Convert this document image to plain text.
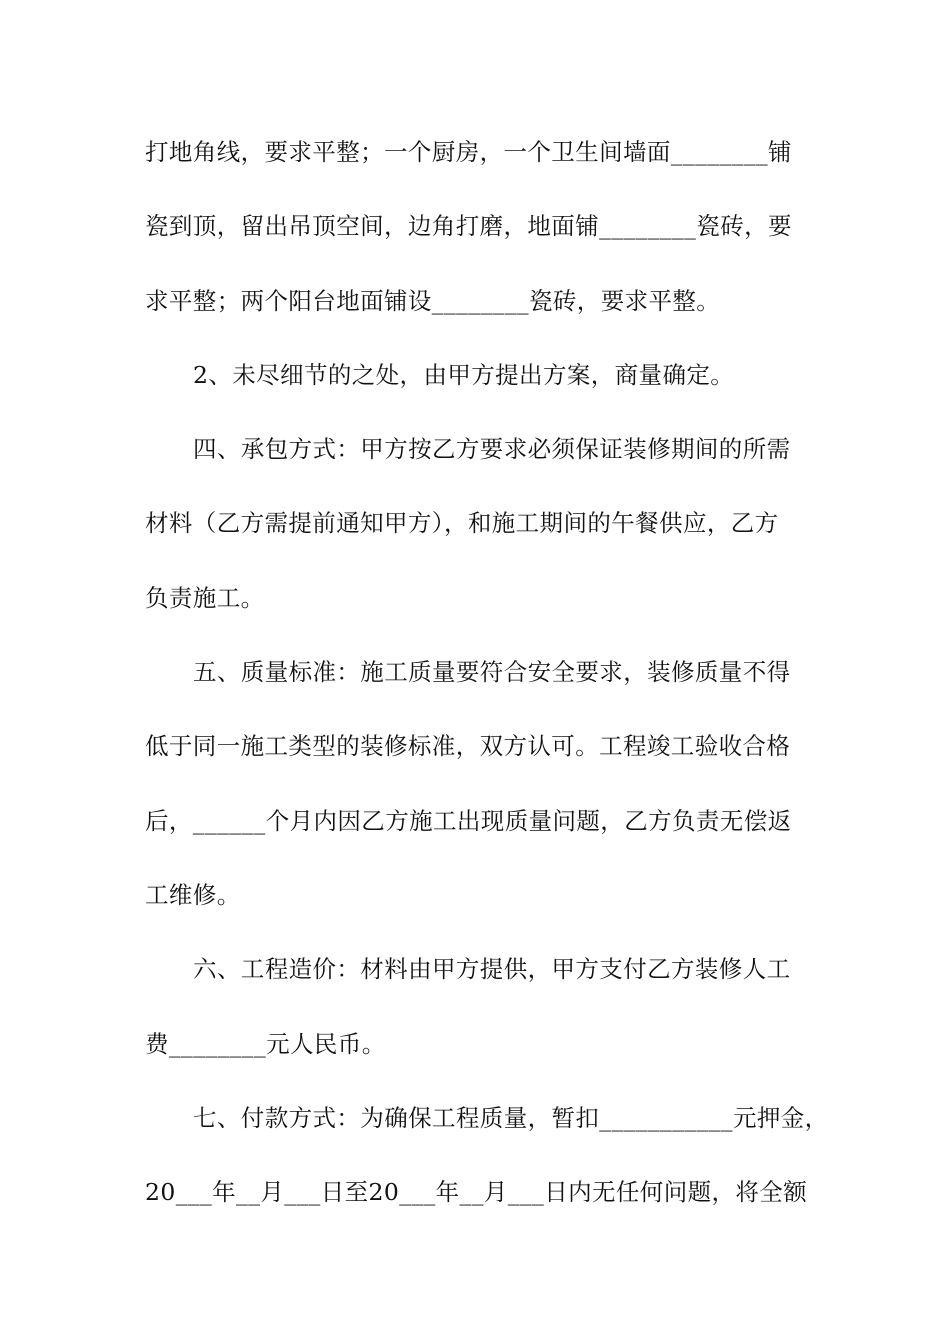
打地角线，要求平整；一个厨房，一个卫生间墙面________铺
瓷到顶，留出吊顶空间，边角打磨，地面铺________瓷砖，要
求平整；两个阳台地面铺设________瓷砖，要求平整。
2、未尽细节的之处，由甲方提出方案，商量确定。
四、承包方式：甲方按乙方要求必须保证装修期间的所需
材料（乙方需提前通知甲方），和施工期间的午餐供应，乙方
负责施工。
五、质量标准：施工质量要符合安全要求，装修质量不得
低于同一施工类型的装修标准，双方认可。工程竣工验收合格
后，______个月内因乙方施工出现质量问题，乙方负责无偿返
工维修。
六、工程造价：材料由甲方提供，甲方支付乙方装修人工
费________元人民币。
七、付款方式：为确保工程质量，暂扣___________元押金，
20___年__月___日至20___年__月___日内无任何问题，将全额
